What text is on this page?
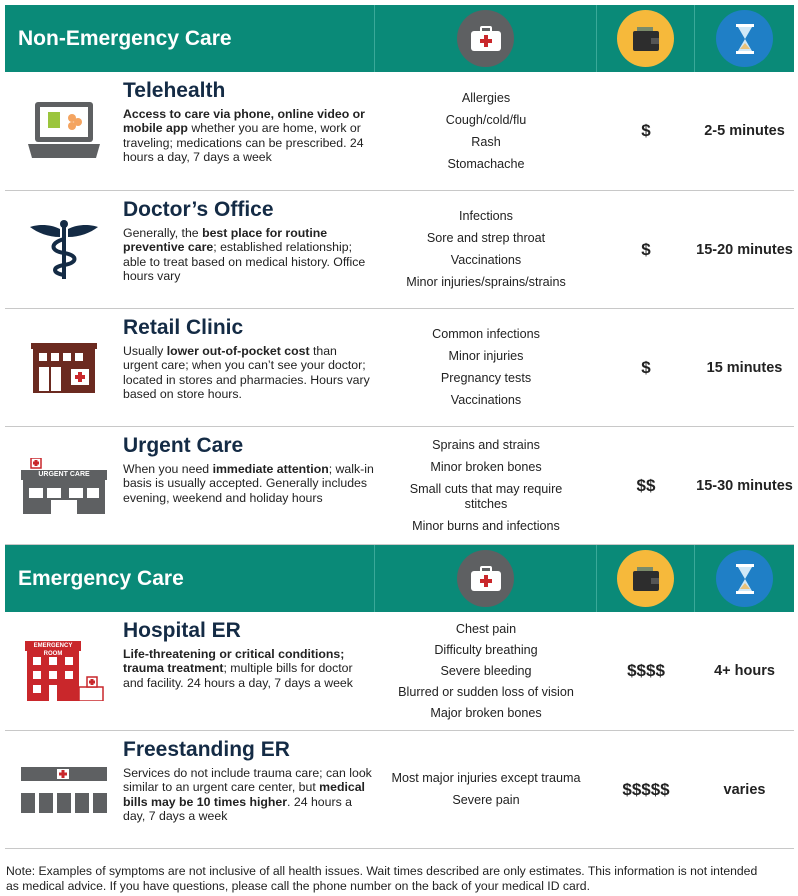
Non-Emergency Care
Telehealth

Access to care via phone, online video or mobile app whether you are home, work or traveling; medications can be prescribed. 24 hours a day, 7 days a week

Allergies
Cough/cold/flu
Rash
Stomachache
$	2-5 minutes
Doctor’s Office

Generally, the best place for routine preventive care; established relationship; able to treat based on medical history. Office hours vary

Infections
Sore and strep throat
Vaccinations
Minor injuries/sprains/strains
$	15-20 minutes
Retail Clinic

Usually lower out-of-pocket cost than urgent care; when you can’t see your doctor; located in stores and pharmacies. Hours vary based on store hours.

Common infections
Minor injuries
Pregnancy tests
Vaccinations
$	15 minutes
URGENT CARE
Urgent Care

When you need immediate attention; walk-in basis is usually accepted. Generally includes evening, weekend and holiday hours

Sprains and strains
Minor broken bones
Small cuts that may require stitches
Minor burns and infections
$$	15-30 minutes
Emergency Care
EMERGENCY ROOM
Hospital ER

Life-threatening or critical conditions; trauma treatment; multiple bills for doctor and facility. 24 hours a day, 7 days a week

Chest pain
Difficulty breathing
Severe bleeding
Blurred or sudden loss of vision
Major broken bones
$$$$	4+ hours
Freestanding ER

Services do not include trauma care; can look similar to an urgent care center, but medical bills may be 10 times higher. 24 hours a day, 7 days a week

Most major injuries except trauma
Severe pain
$$$$$	varies

Note: Examples of symptoms are not inclusive of all health issues. Wait times described are only estimates. This information is not intended as medical advice. If you have questions, please call the phone number on the back of your medical ID card.
